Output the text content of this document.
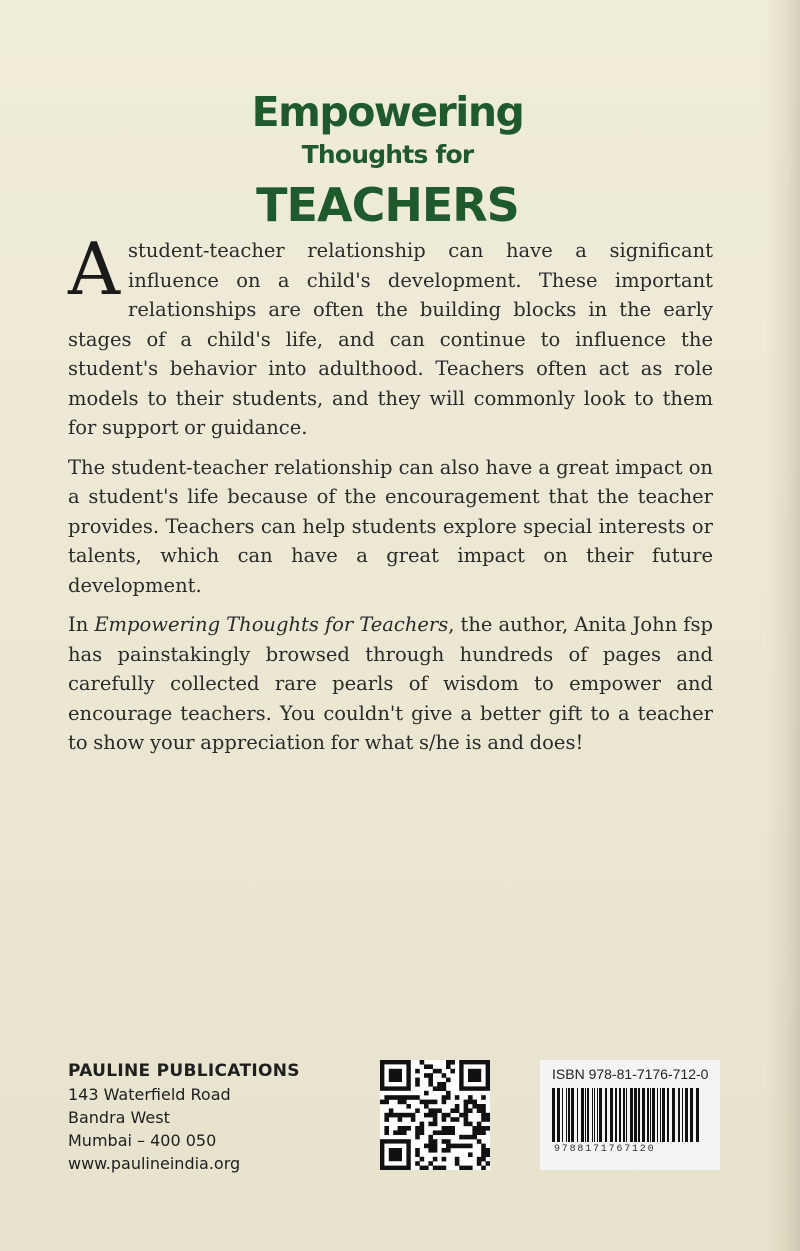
Empowering
Thoughts for
TEACHERS

Astudent-teacher relationship can have a significant influence on a child's development. These important relationships are often the building blocks in the early stages of a child's life, and can continue to influence the student's behavior into adulthood. Teachers often act as role models to their students, and they will commonly look to them for support or guidance.

The student-teacher relationship can also have a great impact on a student's life because of the encouragement that the teacher provides. Teachers can help students explore special interests or talents, which can have a great impact on their future development.

In Empowering Thoughts for Teachers, the author, Anita John fsp has painstakingly browsed through hundreds of pages and carefully collected rare pearls of wisdom to empower and encourage teachers. You couldn't give a better gift to a teacher to show your appreciation for what s/he is and does!

PAULINE PUBLICATIONS
143 Waterfield Road
Bandra West
Mumbai – 400 050
www.paulineindia.org
ISBN 978-81-7176-712-0
9788171767120
